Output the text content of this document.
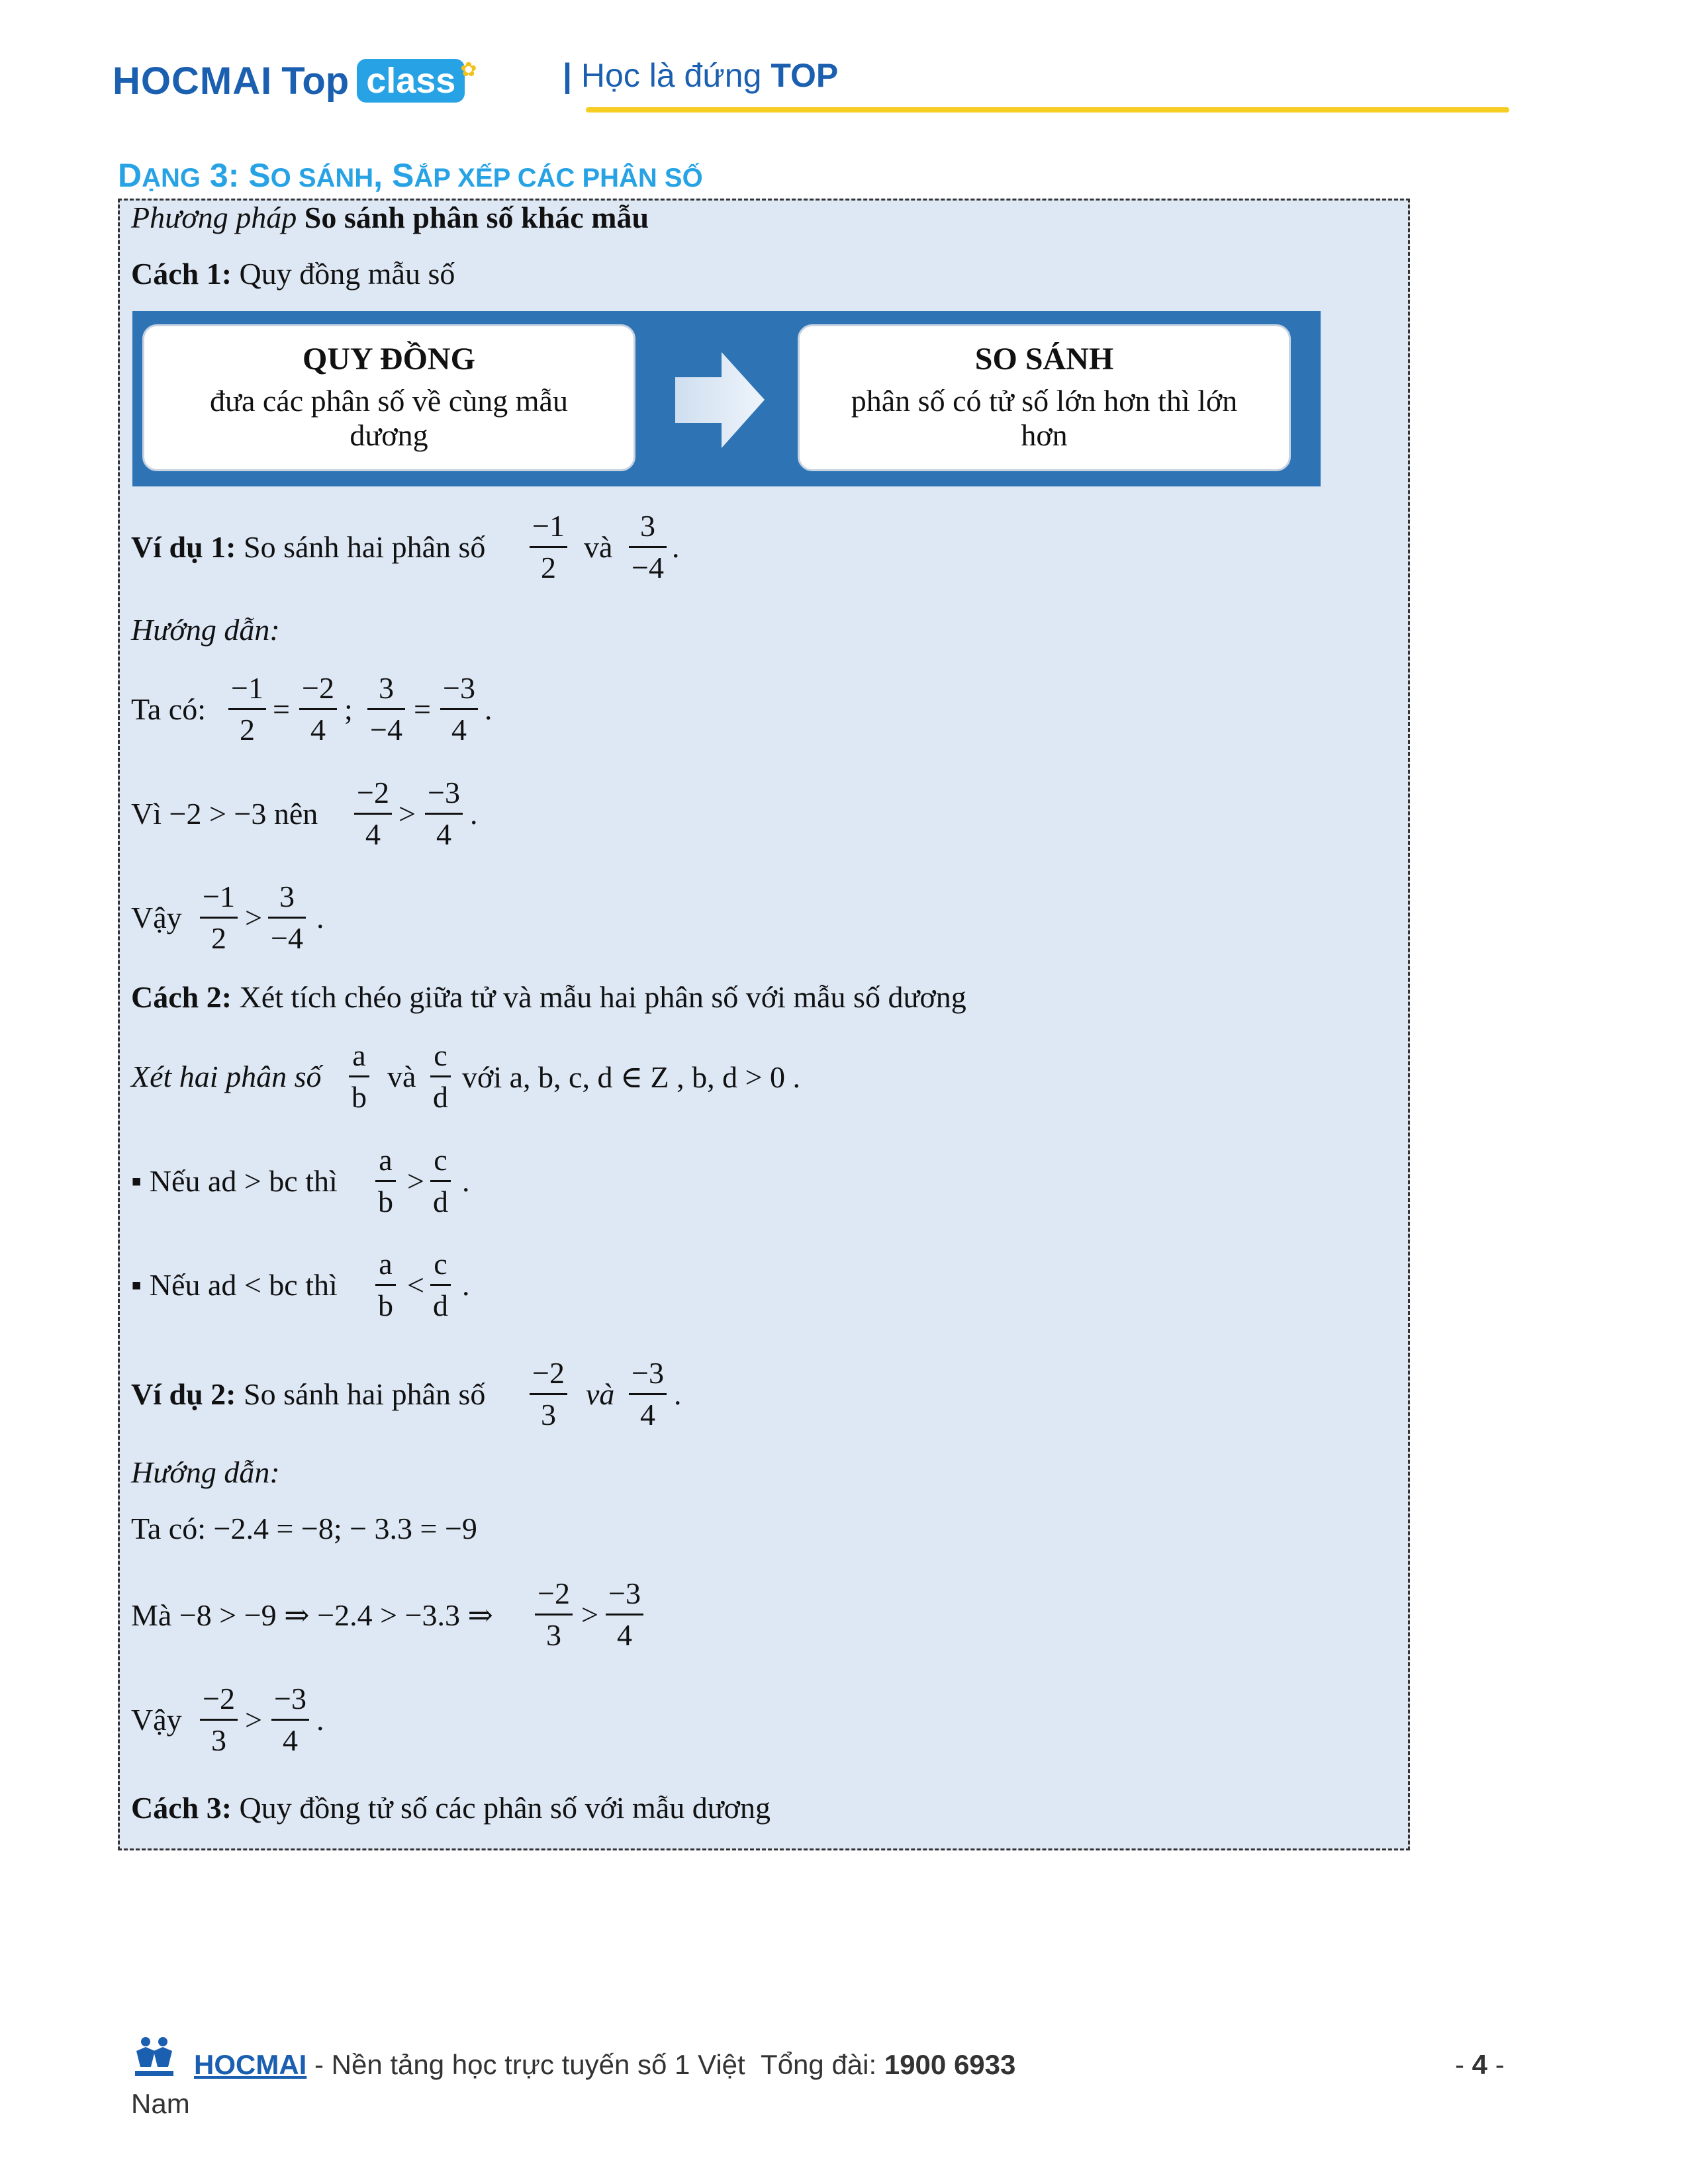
HOCMAI Top class ✿	| Học là đứng TOP
DẠNG 3: SO SÁNH, SẮP XẾP CÁC PHÂN SỐ
Phương pháp So sánh phân số khác mẫu
Cách 1: Quy đồng mẫu số
QUY ĐỒNG
đưa các phân số về cùng mẫu dương
SO SÁNH
phân số có tử số lớn hơn thì lớn hơn
Ví dụ 1: So sánh hai phân số
−1
2
và
3
−4
.
Hướng dẫn:
Ta có:
−1
2
=
−2
4
;
3
−4
=
−3
4
.
Vì −2 > −3 nên
−2
4
>
−3
4
.
Vậy
−1
2
>
3
−4
.
Cách 2: Xét tích chéo giữa tử và mẫu hai phân số với mẫu số dương
Xét hai phân số
a
b
và
c
d
với a, b, c, d ∈ Z , b, d > 0 .
▪ Nếu ad > bc thì
a
b
>
c
d
.
▪ Nếu ad < bc thì
a
b
<
c
d
.
Ví dụ 2: So sánh hai phân số
−2
3
và
−3
4
.
Hướng dẫn:
Ta có: −2.4 = −8; − 3.3 = −9
Mà −8 > −9 ⇒ −2.4 > −3.3 ⇒
−2
3
>
−3
4
Vậy
−2
3
>
−3
4
.
Cách 3: Quy đồng tử số các phân số với mẫu dương
HOCMAI - Nền tảng học trực tuyến số 1 Việt Tổng đài: 1900 6933
Nam
- 4 -
